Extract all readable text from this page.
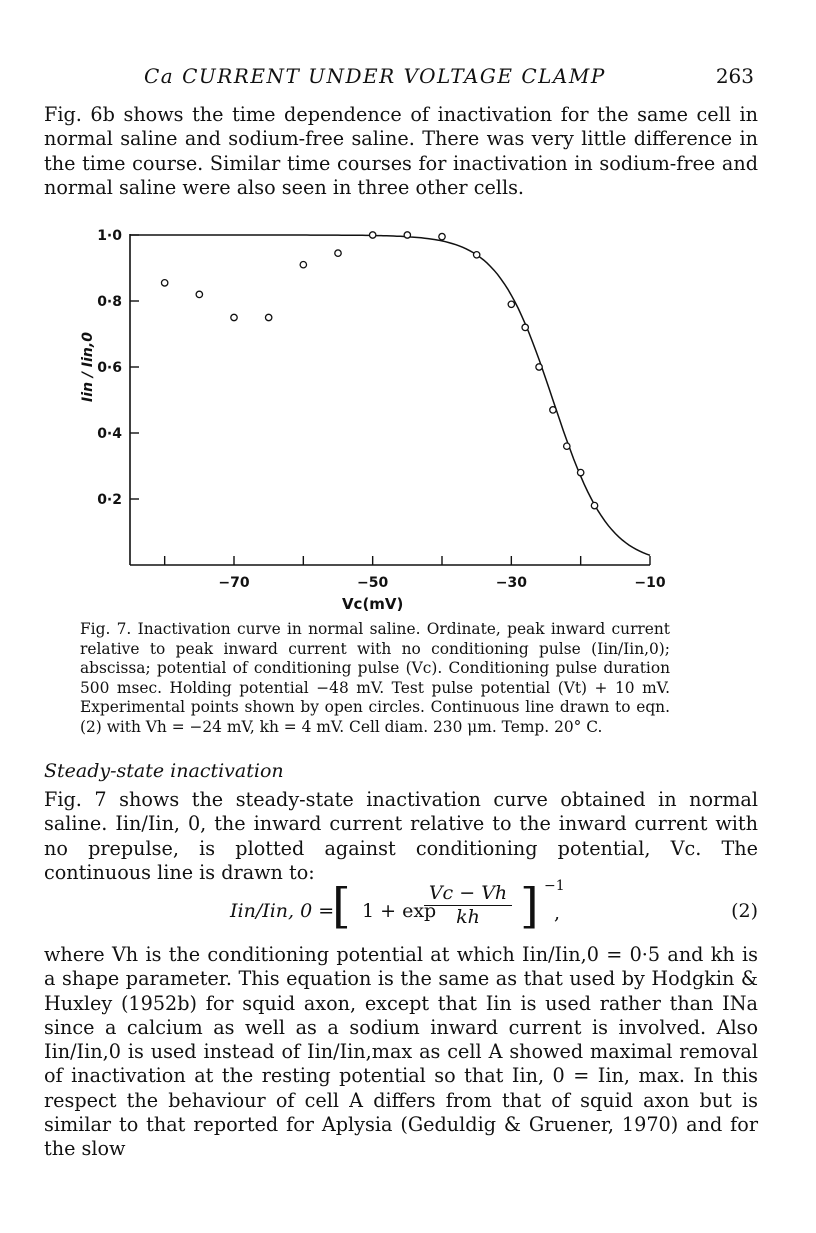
Ca CURRENT UNDER VOLTAGE CLAMP	263

Fig. 6b shows the time dependence of inactivation for the same cell in normal saline and sodium-free saline. There was very little difference in the time course. Similar time courses for inactivation in sodium-free and normal saline were also seen in three other cells.

−70	−50	−30	−10
0·2
0·4
0·6
0·8
1·0
Iin / Iin,0
Vc(mV)

Fig. 7. Inactivation curve in normal saline. Ordinate, peak inward current relative to peak inward current with no conditioning pulse (Iin/Iin,0); abscissa; potential of conditioning pulse (Vc). Conditioning pulse duration 500 msec. Holding potential −48 mV. Test pulse potential (Vt) + 10 mV. Experimental points shown by open circles. Continuous line drawn to eqn. (2) with Vh = −24 mV, kh = 4 mV. Cell diam. 230 μm. Temp. 20° C.

Steady-state inactivation

Fig. 7 shows the steady-state inactivation curve obtained in normal saline. Iin/Iin, 0, the inward current relative to the inward current with no prepulse, is plotted against conditioning potential, Vc. The continuous line is drawn to:

Iin/Iin, 0 =
[ 1 + exp
$\frac{Vc - Vh}{kh}$ ] −1
,	(2)

where Vh is the conditioning potential at which Iin/Iin,0 = 0·5 and kh is a shape parameter. This equation is the same as that used by Hodgkin & Huxley (1952b) for squid axon, except that Iin is used rather than INa since a calcium as well as a sodium inward current is involved. Also Iin/Iin,0 is used instead of Iin/Iin,max as cell A showed maximal removal of inactivation at the resting potential so that Iin, 0 = Iin, max. In this respect the behaviour of cell A differs from that of squid axon but is similar to that reported for Aplysia (Geduldig & Gruener, 1970) and for the slow
